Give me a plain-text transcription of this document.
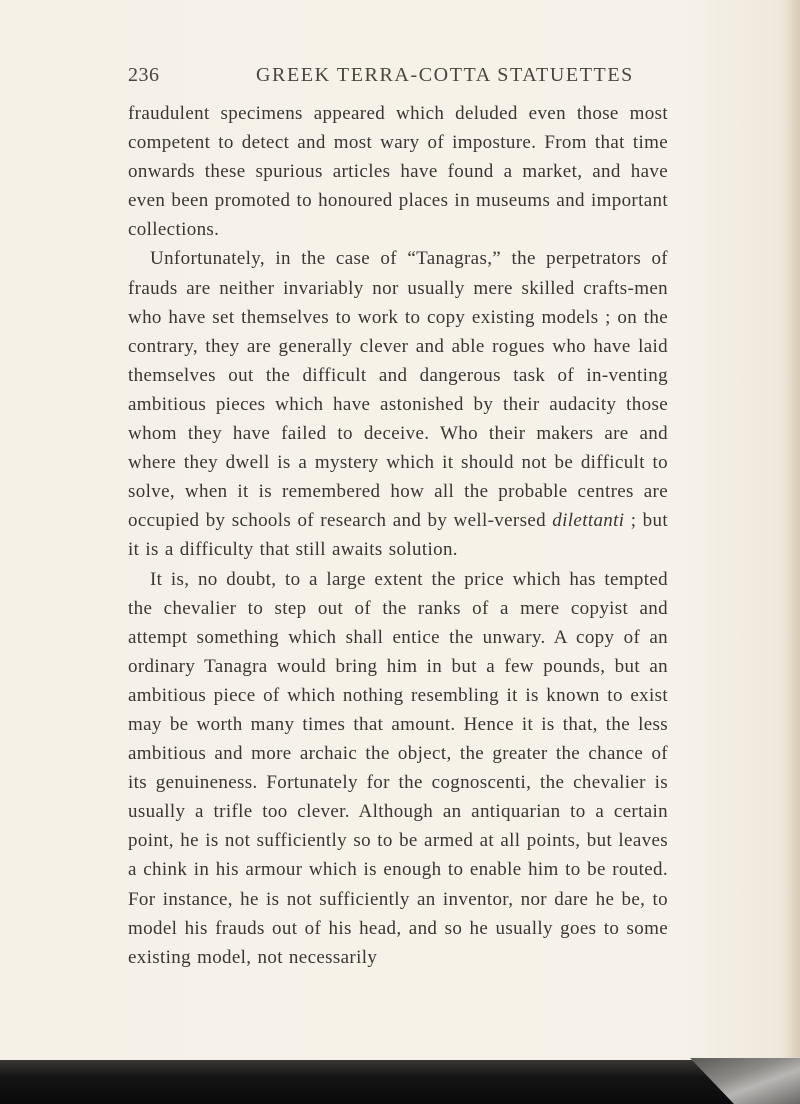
236	GREEK TERRA-COTTA STATUETTES

fraudulent specimens appeared which deluded even those most competent to detect and most wary of imposture. From that time onwards these spurious articles have found a market, and have even been promoted to honoured places in museums and important collections.

Unfortunately, in the case of “Tanagras,” the perpetrators of frauds are neither invariably nor usually mere skilled crafts-men who have set themselves to work to copy existing models ; on the contrary, they are generally clever and able rogues who have laid themselves out the difficult and dangerous task of in-venting ambitious pieces which have astonished by their audacity those whom they have failed to deceive. Who their makers are and where they dwell is a mystery which it should not be difficult to solve, when it is remembered how all the probable centres are occupied by schools of research and by well-versed dilettanti ; but it is a difficulty that still awaits solution.

It is, no doubt, to a large extent the price which has tempted the chevalier to step out of the ranks of a mere copyist and attempt something which shall entice the unwary. A copy of an ordinary Tanagra would bring him in but a few pounds, but an ambitious piece of which nothing resembling it is known to exist may be worth many times that amount. Hence it is that, the less ambitious and more archaic the object, the greater the chance of its genuineness. Fortunately for the cognoscenti, the chevalier is usually a trifle too clever. Although an antiquarian to a certain point, he is not sufficiently so to be armed at all points, but leaves a chink in his armour which is enough to enable him to be routed. For instance, he is not sufficiently an inventor, nor dare he be, to model his frauds out of his head, and so he usually goes to some existing model, not necessarily
